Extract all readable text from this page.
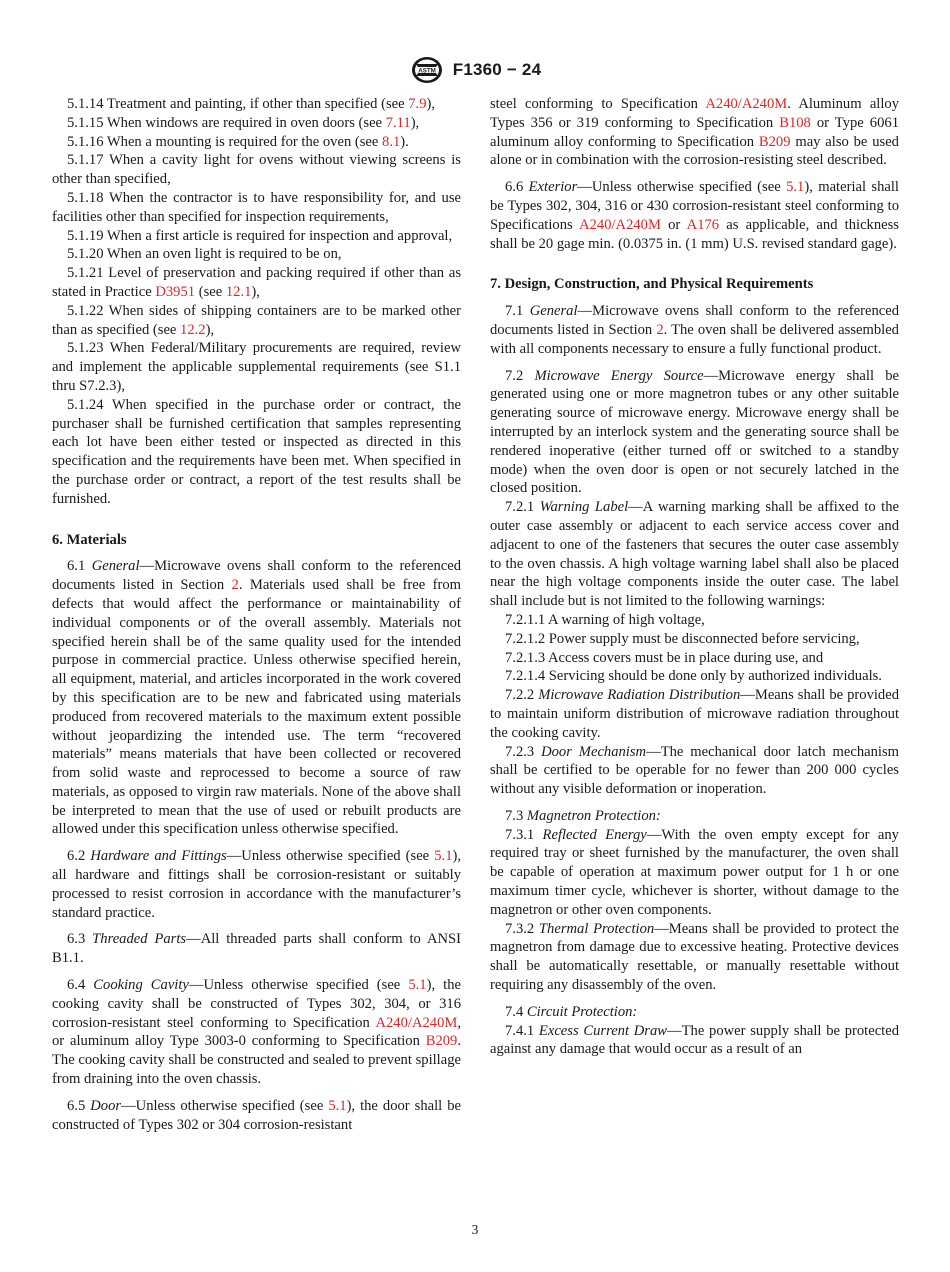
ASTM F1360 − 24

5.1.14 Treatment and painting, if other than specified (see 7.9),

5.1.15 When windows are required in oven doors (see 7.11),

5.1.16 When a mounting is required for the oven (see 8.1).

5.1.17 When a cavity light for ovens without viewing screens is other than specified,

5.1.18 When the contractor is to have responsibility for, and use facilities other than specified for inspection requirements,

5.1.19 When a first article is required for inspection and approval,

5.1.20 When an oven light is required to be on,

5.1.21 Level of preservation and packing required if other than as stated in Practice D3951 (see 12.1),

5.1.22 When sides of shipping containers are to be marked other than as specified (see 12.2),

5.1.23 When Federal/Military procurements are required, review and implement the applicable supplemental requirements (see S1.1 thru S7.2.3),

5.1.24 When specified in the purchase order or contract, the purchaser shall be furnished certification that samples representing each lot have been either tested or inspected as directed in this specification and the requirements have been met. When specified in the purchase order or contract, a report of the test results shall be furnished.

6. Materials

6.1 General—Microwave ovens shall conform to the referenced documents listed in Section 2. Materials used shall be free from defects that would affect the performance or maintainability of individual components or of the overall assembly. Materials not specified herein shall be of the same quality used for the intended purpose in commercial practice. Unless otherwise specified herein, all equipment, material, and articles incorporated in the work covered by this specification are to be new and fabricated using materials produced from recovered materials to the maximum extent possible without jeopardizing the intended use. The term “recovered materials” means materials that have been collected or recovered from solid waste and reprocessed to become a source of raw materials, as opposed to virgin raw materials. None of the above shall be interpreted to mean that the use of used or rebuilt products are allowed under this specification unless otherwise specified.

6.2 Hardware and Fittings—Unless otherwise specified (see 5.1), all hardware and fittings shall be corrosion-resistant or suitably processed to resist corrosion in accordance with the manufacturer’s standard practice.

6.3 Threaded Parts—All threaded parts shall conform to ANSI B1.1.

6.4 Cooking Cavity—Unless otherwise specified (see 5.1), the cooking cavity shall be constructed of Types 302, 304, or 316 corrosion-resistant steel conforming to Specification A240/A240M, or aluminum alloy Type 3003-0 conforming to Specification B209. The cooking cavity shall be constructed and sealed to prevent spillage from draining into the oven chassis.

6.5 Door—Unless otherwise specified (see 5.1), the door shall be constructed of Types 302 or 304 corrosion-resistant

steel conforming to Specification A240/A240M. Aluminum alloy Types 356 or 319 conforming to Specification B108 or Type 6061 aluminum alloy conforming to Specification B209 may also be used alone or in combination with the corrosion-resisting steel described.

6.6 Exterior—Unless otherwise specified (see 5.1), material shall be Types 302, 304, 316 or 430 corrosion-resistant steel conforming to Specifications A240/A240M or A176 as applicable, and thickness shall be 20 gage min. (0.0375 in. (1 mm) U.S. revised standard gage).

7. Design, Construction, and Physical Requirements

7.1 General—Microwave ovens shall conform to the referenced documents listed in Section 2. The oven shall be delivered assembled with all components necessary to ensure a fully functional product.

7.2 Microwave Energy Source—Microwave energy shall be generated using one or more magnetron tubes or any other suitable generating source of microwave energy. Microwave energy shall be interrupted by an interlock system and the generating source shall be rendered inoperative (either turned off or switched to a standby mode) when the oven door is open or not securely latched in the closed position.

7.2.1 Warning Label—A warning marking shall be affixed to the outer case assembly or adjacent to each service access cover and adjacent to one of the fasteners that secures the outer case assembly to the oven chassis. A high voltage warning label shall also be placed near the high voltage components inside the outer case. The label shall include but is not limited to the following warnings:

7.2.1.1 A warning of high voltage,

7.2.1.2 Power supply must be disconnected before servicing,

7.2.1.3 Access covers must be in place during use, and

7.2.1.4 Servicing should be done only by authorized individuals.

7.2.2 Microwave Radiation Distribution—Means shall be provided to maintain uniform distribution of microwave radiation throughout the cooking cavity.

7.2.3 Door Mechanism—The mechanical door latch mechanism shall be certified to be operable for no fewer than 200 000 cycles without any visible deformation or inoperation.

7.3 Magnetron Protection:

7.3.1 Reflected Energy—With the oven empty except for any required tray or sheet furnished by the manufacturer, the oven shall be capable of operation at maximum power output for 1 h or one maximum timer cycle, whichever is shorter, without damage to the magnetron or other oven components.

7.3.2 Thermal Protection—Means shall be provided to protect the magnetron from damage due to excessive heating. Protective devices shall be automatically resettable, or manually resettable without requiring any disassembly of the oven.

7.4 Circuit Protection:

7.4.1 Excess Current Draw—The power supply shall be protected against any damage that would occur as a result of an

3
